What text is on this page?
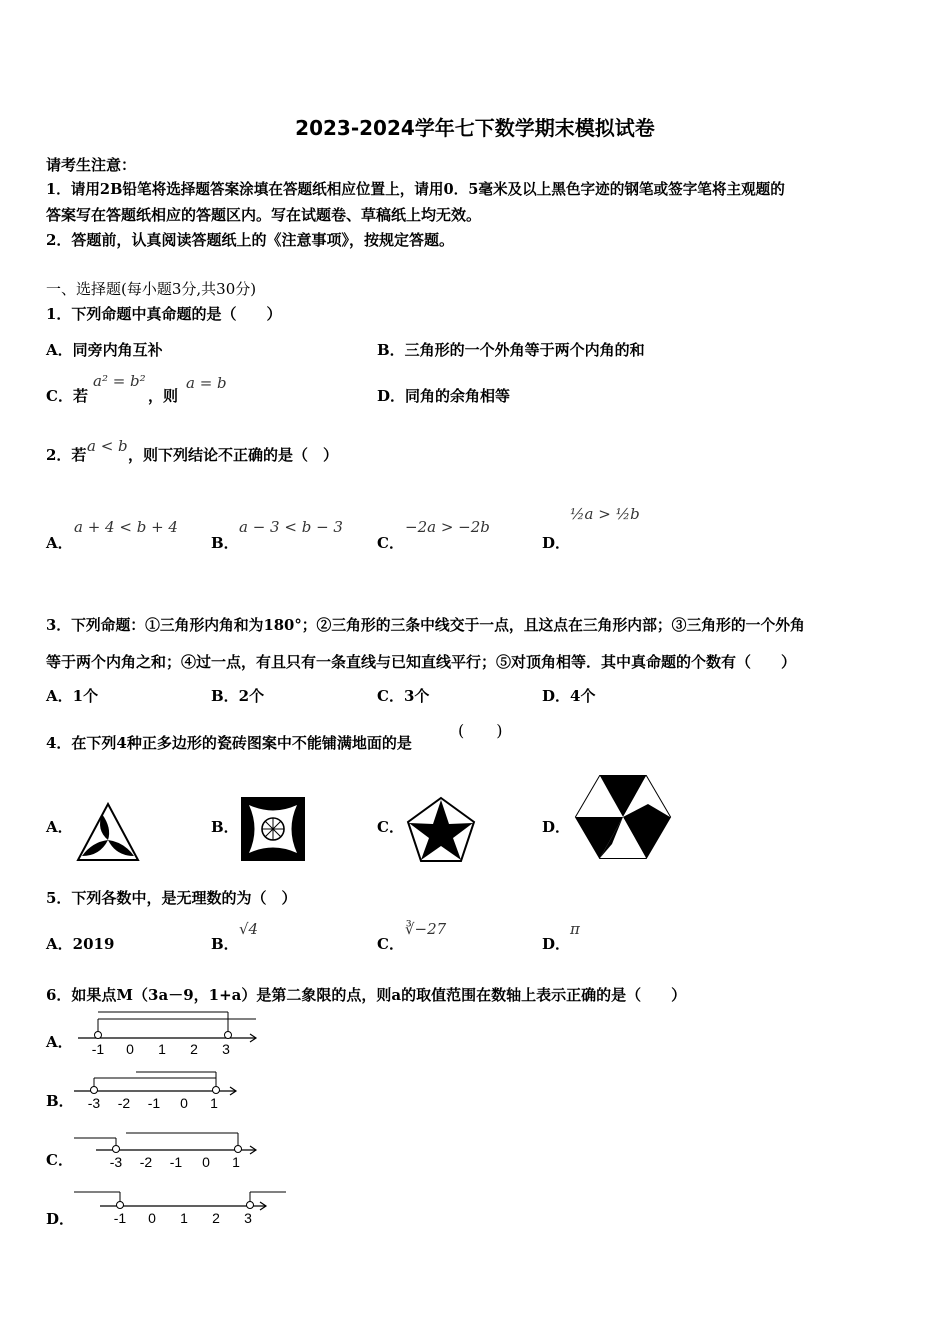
2023-2024学年七下数学期末模拟试卷
请考生注意：
1．请用2B铅笔将选择题答案涂填在答题纸相应位置上，请用0．5毫米及以上黑色字迹的钢笔或签字笔将主观题的
答案写在答题纸相应的答题区内。写在试题卷、草稿纸上均无效。
2．答题前，认真阅读答题纸上的《注意事项》，按规定答题。
一、选择题(每小题3分,共30分)
1．下列命题中真命题的是（　　）
A．同旁内角互补	B．三角形的一个外角等于两个内角的和
C．若
a² = b²
，则
a = b
D．同角的余角相等
2．若 a < b ，则下列结论不正确的是（　）
A．
a + 4 < b + 4
B．
a − 3 < b − 3
C．
−2a > −2b
D．
½a > ½b
3．下列命题：①三角形内角和为180°；②三角形的三条中线交于一点，且这点在三角形内部；③三角形的一个外角
等于两个内角之和；④过一点，有且只有一条直线与已知直线平行；⑤对顶角相等．其中真命题的个数有（　　）
A．1个	B．2个	C．3个	D．4个
4．在下列4种正多边形的瓷砖图案中不能铺满地面的是
(　　)
A．	B．	C．	D．
5．下列各数中，是无理数的为（　）
A．2019	B．
√4
C．
∛−27
D．
π
6．如果点M（3a－9，1+a）是第二象限的点，则a的取值范围在数轴上表示正确的是（　　）
A． -1 0 1 2 3
B． -3 -2 -1 0 1
C．	-3 -2 -1 0 1
D．	-1 0 1 2 3
